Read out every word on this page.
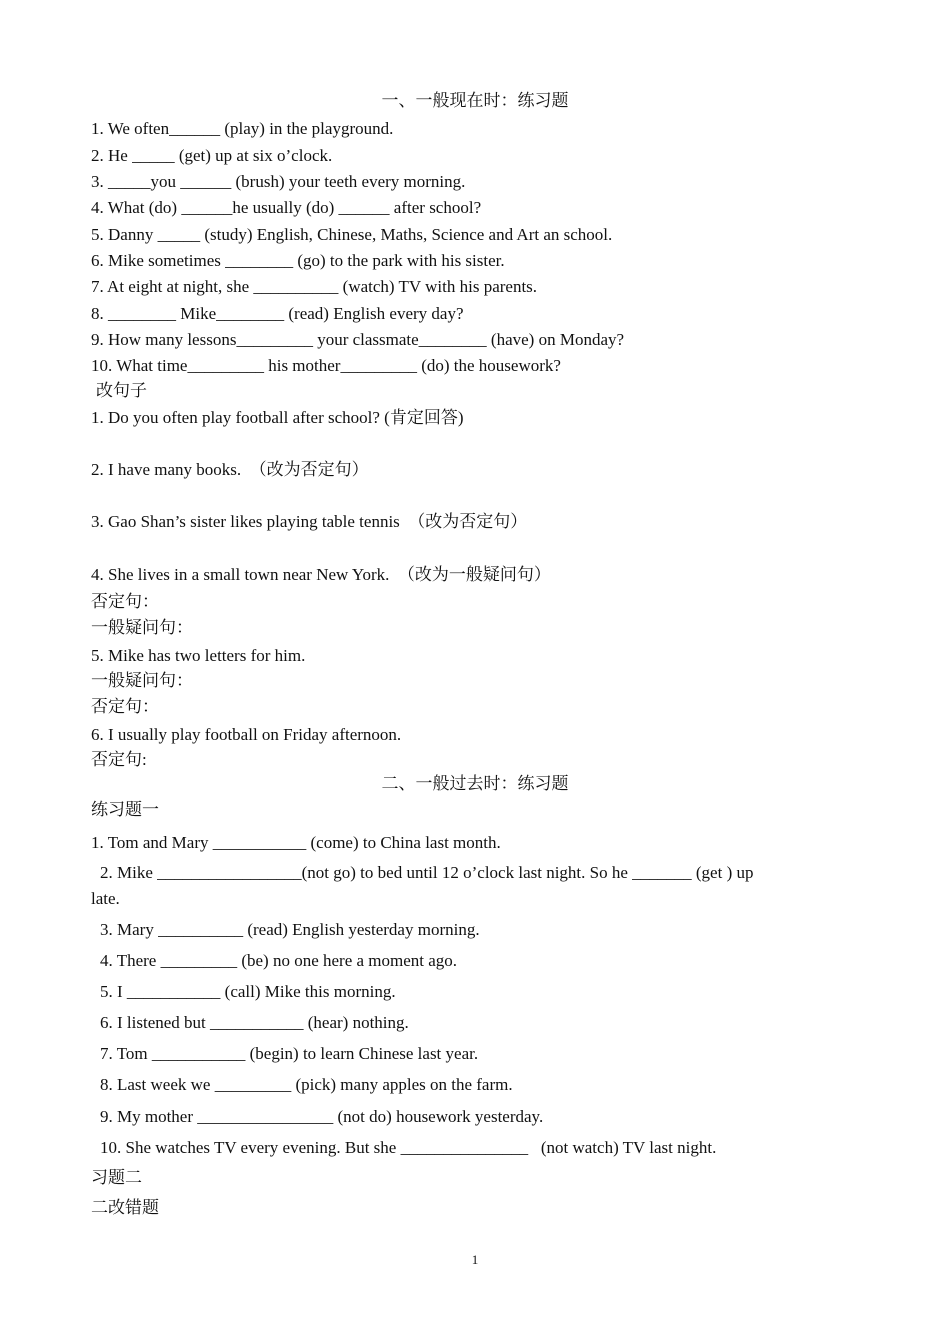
一、一般现在时：练习题
1. We often______ (play) in the playground.
2. He _____ (get) up at six o’clock.
3. _____you ______ (brush) your teeth every morning.
4. What (do) ______he usually (do) ______ after school?
5. Danny _____ (study) English, Chinese, Maths, Science and Art an school.
6. Mike sometimes ________ (go) to the park with his sister.
7. At eight at night, she __________ (watch) TV with his parents.
8. ________ Mike________ (read) English every day?
9. How many lessons_________ your classmate________ (have) on Monday?
10. What time_________ his mother_________ (do) the housework?
改句子
1. Do you often play football after school? (肯定回答)
2. I have many books.  （改为否定句）
3. Gao Shan’s sister likes playing table tennis  （改为否定句）
4. She lives in a small town near New York.  （改为一般疑问句）
否定句：
一般疑问句：
5. Mike has two letters for him.
一般疑问句：
否定句：
6. I usually play football on Friday afternoon.
否定句:
二、一般过去时：练习题
练习题一
1. Tom and Mary ___________ (come) to China last month.
2. Mike _________________(not go) to bed until 12 o’clock last night. So he _______ (get ) up
late.
3. Mary __________ (read) English yesterday morning.
4. There _________ (be) no one here a moment ago.
5. I ___________ (call) Mike this morning.
6. I listened but ___________ (hear) nothing.
7. Tom ___________ (begin) to learn Chinese last year.
8. Last week we _________ (pick) many apples on the farm.
9. My mother ________________ (not do) housework yesterday.
10. She watches TV every evening. But she _______________   (not watch) TV last night.
习题二
二改错题
1
